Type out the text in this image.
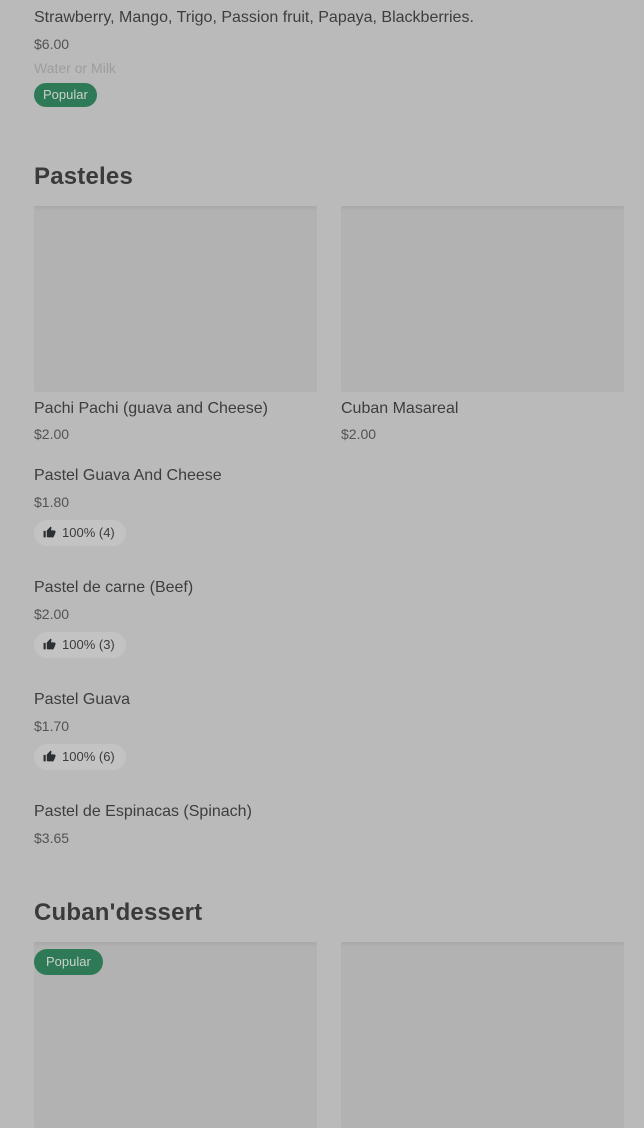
Strawberry, Mango, Trigo, Passion fruit, Papaya, Blackberries.
$6.00
Water or Milk
Popular
Pasteles
Pachi Pachi (guava and Cheese)
$2.00
Cuban Masareal
$2.00
Pastel Guava And Cheese
$1.80
100% (4)
Pastel de carne (Beef)
$2.00
100% (3)
Pastel Guava
$1.70
100% (6)
Pastel de Espinacas (Spinach)
$3.65
Cuban'dessert
Popular
